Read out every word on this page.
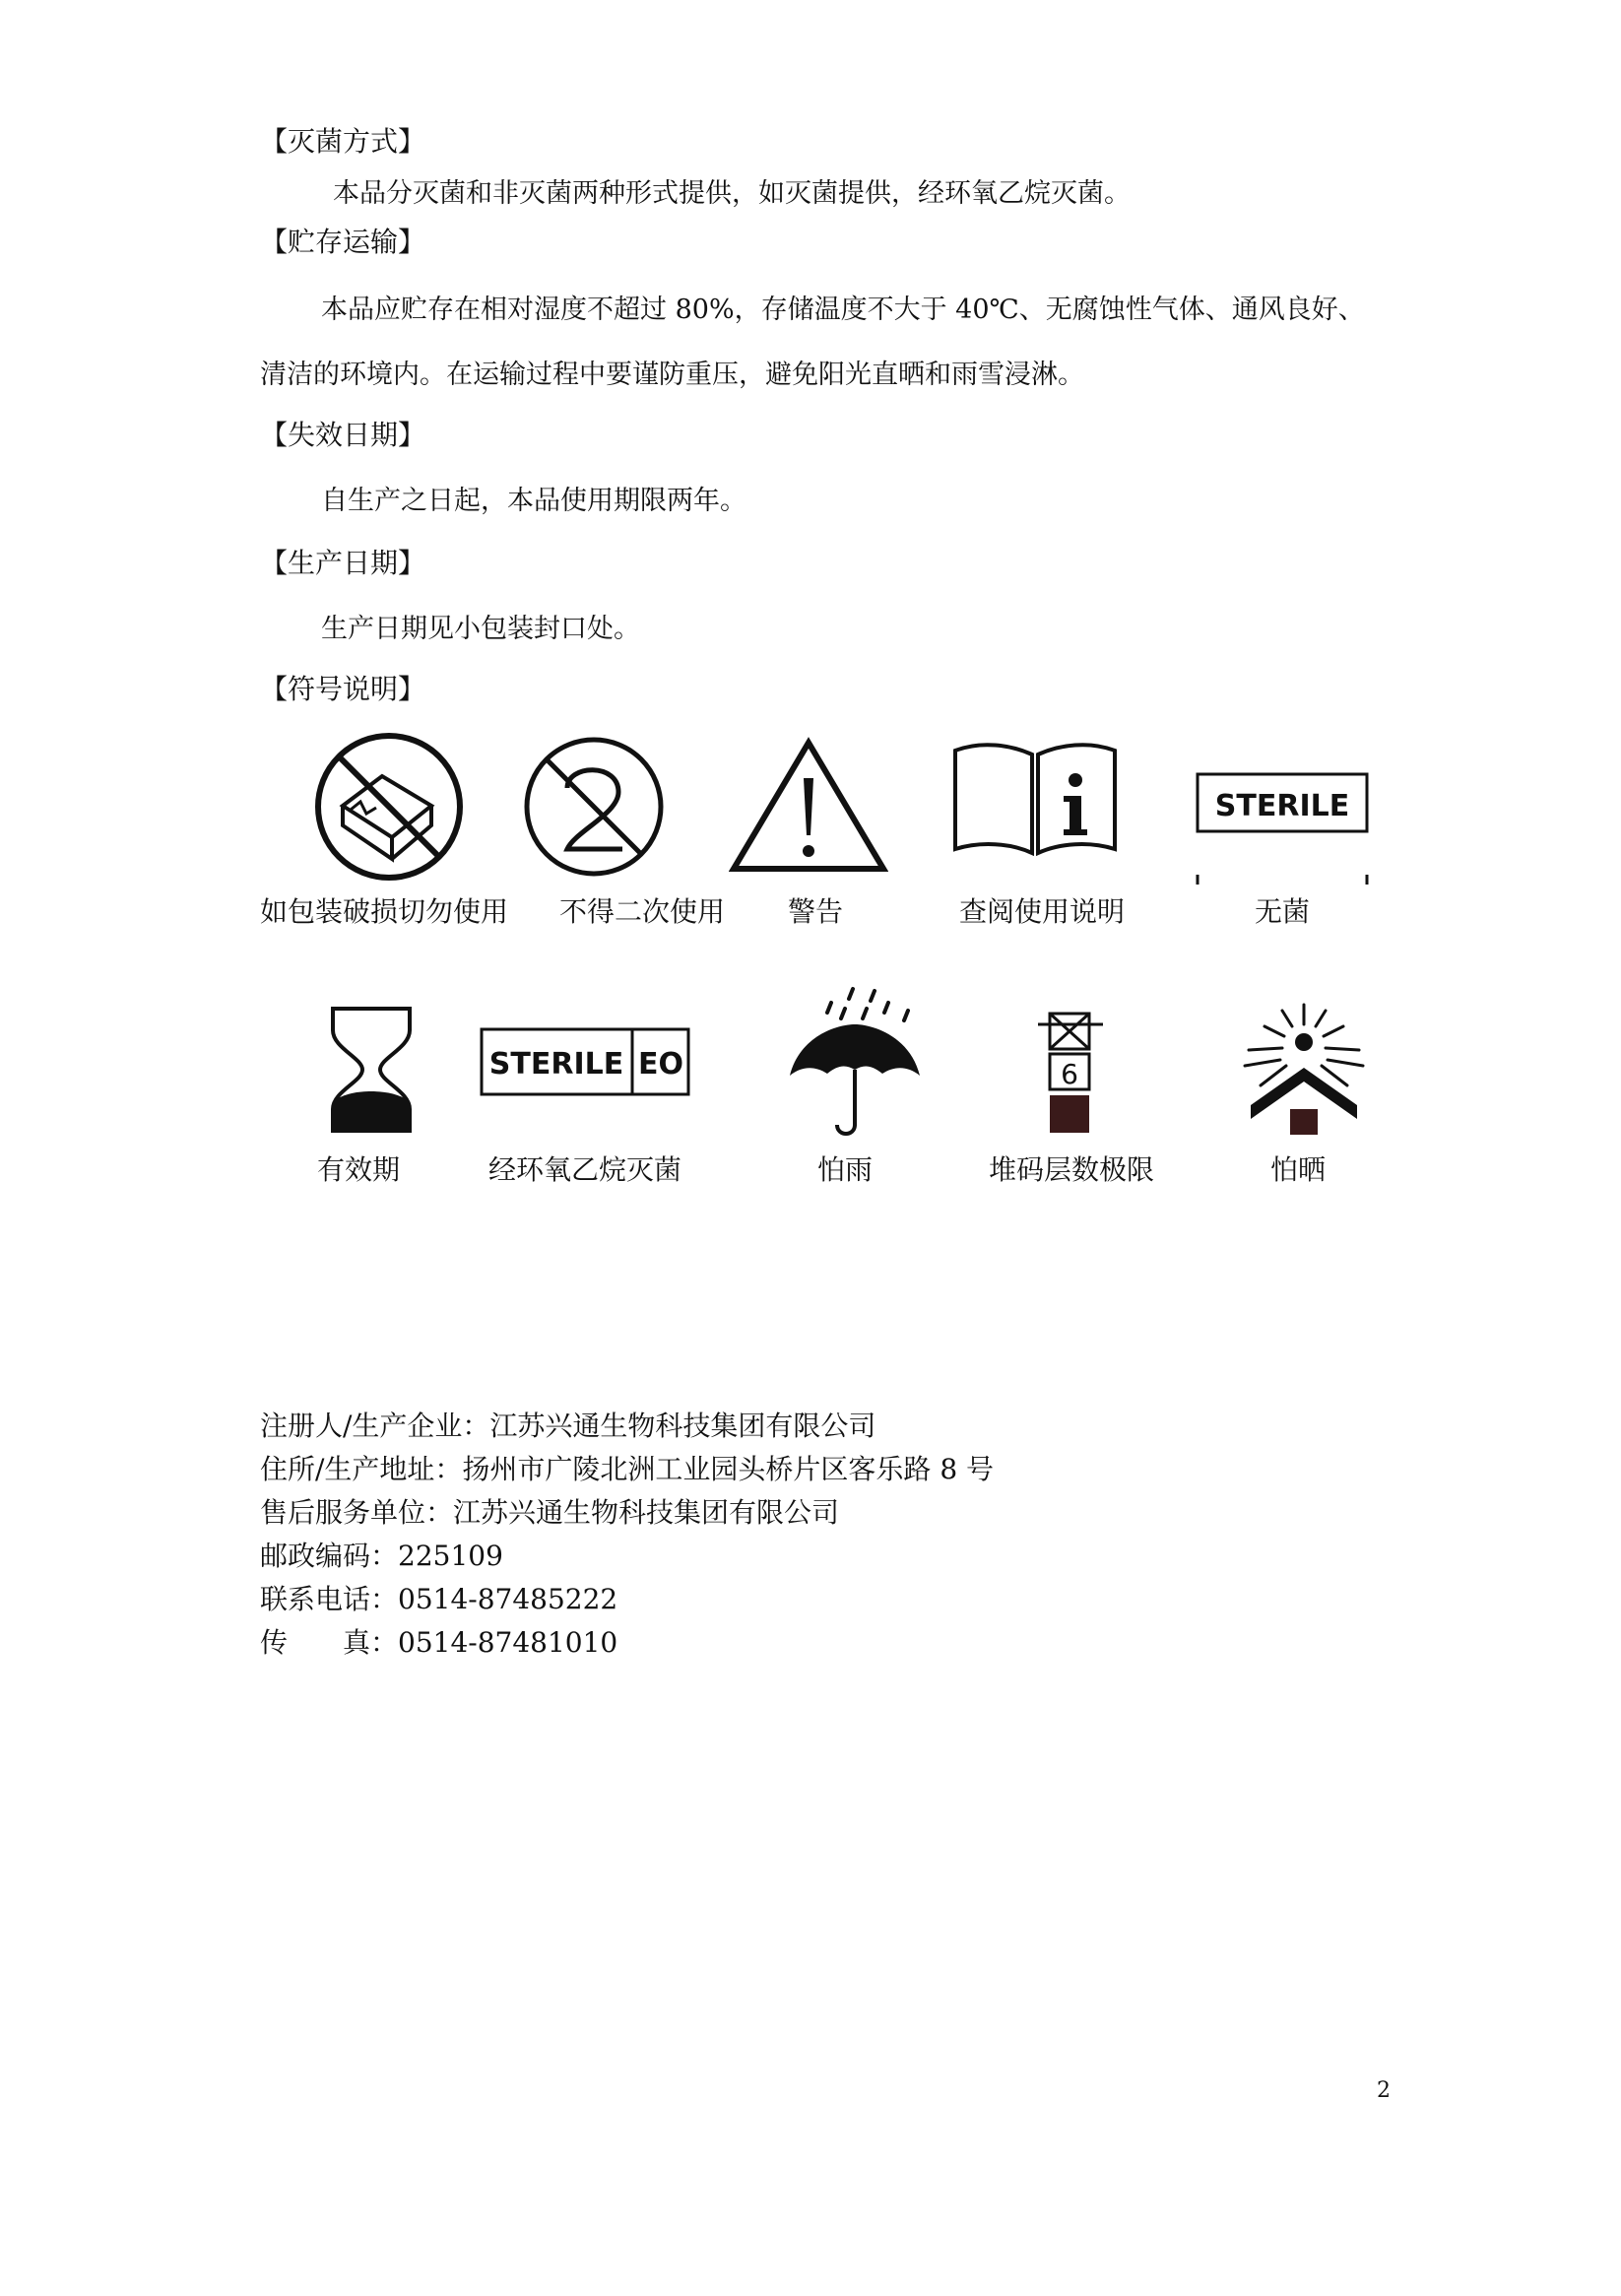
【灭菌方式】

本品分灭菌和非灭菌两种形式提供，如灭菌提供，经环氧乙烷灭菌。

【贮存运输】

本品应贮存在相对湿度不超过 80%，存储温度不大于 40℃、无腐蚀性气体、通风良好、

清洁的环境内。在运输过程中要谨防重压，避免阳光直晒和雨雪浸淋。

【失效日期】

自生产之日起，本品使用期限两年。

【生产日期】

生产日期见小包装封口处。

【符号说明】

STERILE

如包装破损切勿使用 不得二次使用 警告	查阅使用说明	无菌

STERILE EO	6

有效期	经环氧乙烷灭菌	怕雨	堆码层数极限	怕晒

注册人/生产企业：江苏兴通生物科技集团有限公司

住所/生产地址：扬州市广陵北洲工业园头桥片区客乐路 8 号

售后服务单位：江苏兴通生物科技集团有限公司

邮政编码：225109

联系电话：0514-87485222

传　　真：0514-87481010

2
